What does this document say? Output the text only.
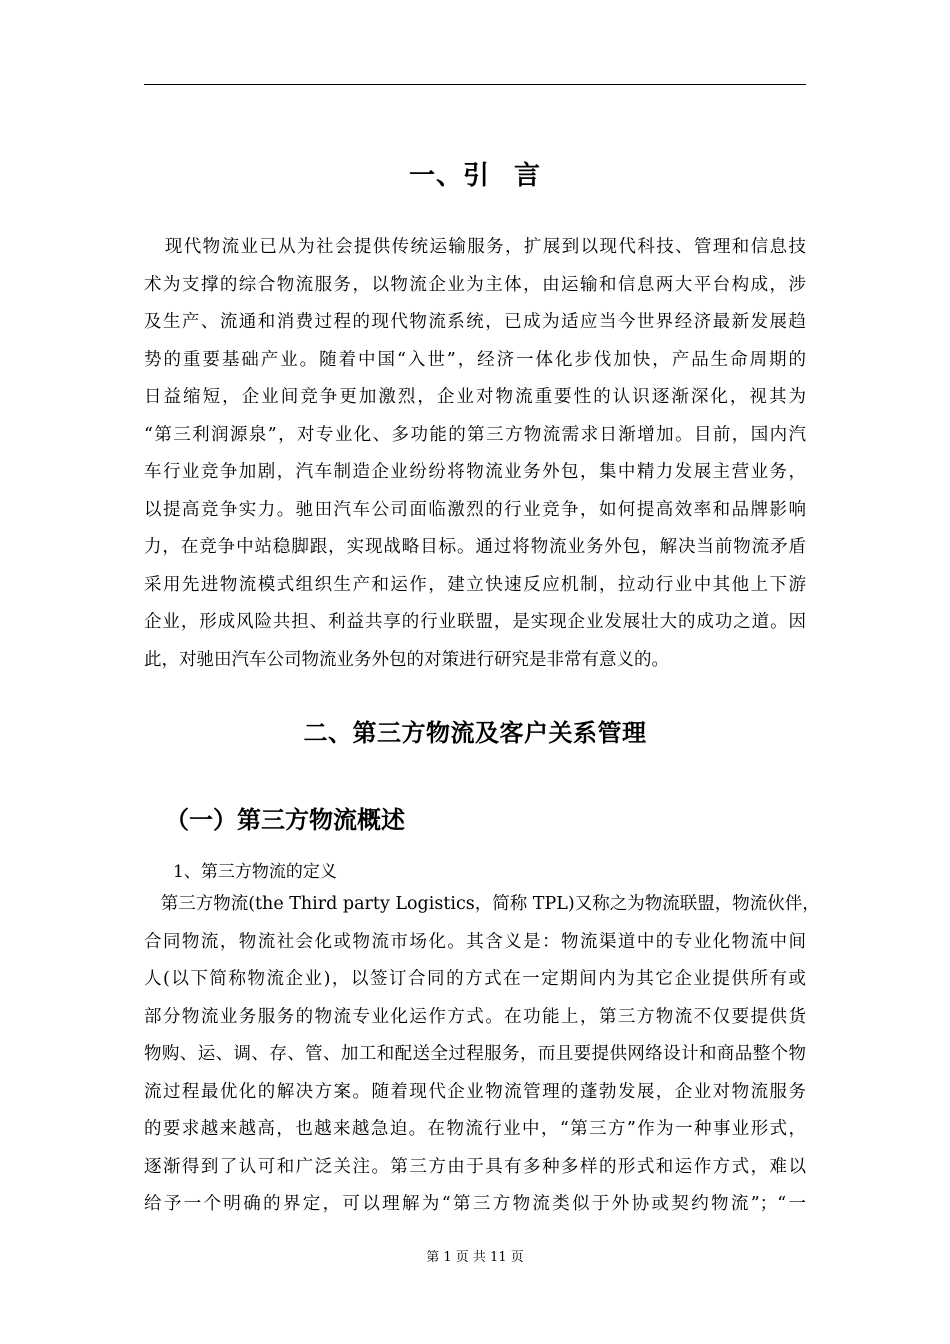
一、引 言
现代物流业已从为社会提供传统运输服务，扩展到以现代科技、管理和信息技
术为支撑的综合物流服务，以物流企业为主体，由运输和信息两大平台构成，涉
及生产、流通和消费过程的现代物流系统，已成为适应当今世界经济最新发展趋
势的重要基础产业。随着中国“入世”，经济一体化步伐加快，产品生命周期的
日益缩短，企业间竞争更加激烈，企业对物流重要性的认识逐渐深化，视其为
“第三利润源泉”，对专业化、多功能的第三方物流需求日渐增加。目前，国内汽
车行业竞争加剧，汽车制造企业纷纷将物流业务外包，集中精力发展主营业务，
以提高竞争实力。驰田汽车公司面临激烈的行业竞争，如何提高效率和品牌影响
力，在竞争中站稳脚跟，实现战略目标。通过将物流业务外包，解决当前物流矛盾
采用先进物流模式组织生产和运作，建立快速反应机制，拉动行业中其他上下游
企业，形成风险共担、利益共享的行业联盟，是实现企业发展壮大的成功之道。因
此，对驰田汽车公司物流业务外包的对策进行研究是非常有意义的。
二、第三方物流及客户关系管理
（一）第三方物流概述
1、第三方物流的定义
第三方物流(the Third party Logistics，简称 TPL)又称之为物流联盟，物流伙伴，
合同物流，物流社会化或物流市场化。其含义是：物流渠道中的专业化物流中间
人(以下简称物流企业)，以签订合同的方式在一定期间内为其它企业提供所有或
部分物流业务服务的物流专业化运作方式。在功能上，第三方物流不仅要提供货
物购、运、调、存、管、加工和配送全过程服务，而且要提供网络设计和商品整个物
流过程最优化的解决方案。随着现代企业物流管理的蓬勃发展，企业对物流服务
的要求越来越高，也越来越急迫。在物流行业中，“第三方”作为一种事业形式，
逐渐得到了认可和广泛关注。第三方由于具有多种多样的形式和运作方式，难以
给予一个明确的界定，可以理解为“第三方物流类似于外协或契约物流”；“一
第 1 页 共 11 页
